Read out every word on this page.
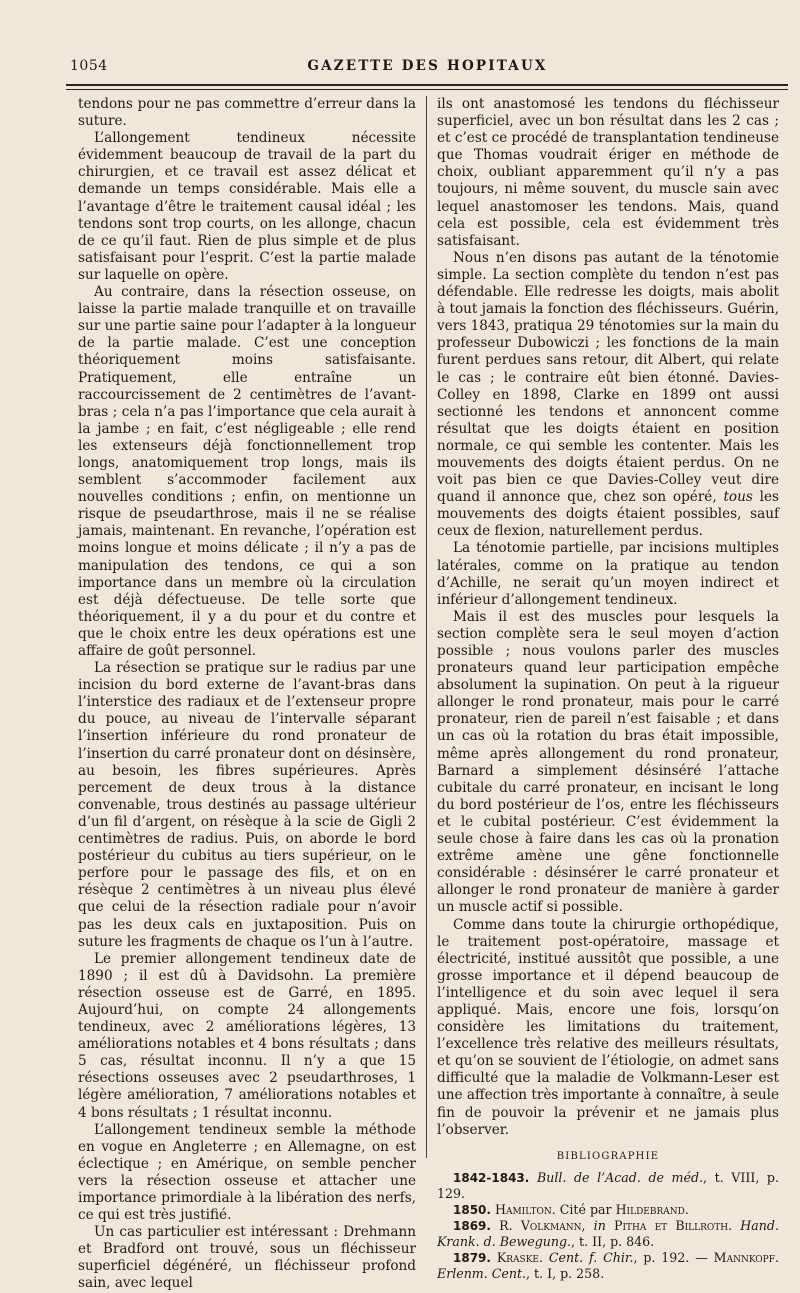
1054	GAZETTE DES HOPITAUX

tendons pour ne pas commettre d’erreur dans la suture.

L’allongement tendineux nécessite évidemment beaucoup de travail de la part du chirurgien, et ce travail est assez délicat et demande un temps considérable. Mais elle a l’avantage d’être le traitement causal idéal ; les tendons sont trop courts, on les allonge, chacun de ce qu’il faut. Rien de plus simple et de plus satisfaisant pour l’esprit. C’est la partie malade sur laquelle on opère.

Au contraire, dans la résection osseuse, on laisse la partie malade tranquille et on travaille sur une partie saine pour l’adapter à la longueur de la partie malade. C’est une conception théoriquement moins satisfaisante. Pratiquement, elle entraîne un raccourcissement de 2 centimètres de l’avant-bras ; cela n’a pas l’importance que cela aurait à la jambe ; en fait, c’est négligeable ; elle rend les extenseurs déjà fonctionnellement trop longs, anatomiquement trop longs, mais ils semblent s’accommoder facilement aux nouvelles conditions ; enfin, on mentionne un risque de pseudarthrose, mais il ne se réalise jamais, maintenant. En revanche, l’opération est moins longue et moins délicate ; il n’y a pas de manipulation des tendons, ce qui a son importance dans un membre où la circulation est déjà défectueuse. De telle sorte que théoriquement, il y a du pour et du contre et que le choix entre les deux opérations est une affaire de goût personnel.

La résection se pratique sur le radius par une incision du bord externe de l’avant-bras dans l’interstice des radiaux et de l’extenseur propre du pouce, au niveau de l’intervalle séparant l’insertion inférieure du rond pronateur de l’insertion du carré pronateur dont on désinsère, au besoin, les fibres supérieures. Après percement de deux trous à la distance convenable, trous destinés au passage ultérieur d’un fil d’argent, on résèque à la scie de Gigli 2 centimètres de radius. Puis, on aborde le bord postérieur du cubitus au tiers supérieur, on le perfore pour le passage des fils, et on en résèque 2 centimètres à un niveau plus élevé que celui de la résection radiale pour n’avoir pas les deux cals en juxtaposition. Puis on suture les fragments de chaque os l’un à l’autre.

Le premier allongement tendineux date de 1890 ; il est dû à Davidsohn. La première résection osseuse est de Garré, en 1895. Aujourd’hui, on compte 24 allongements tendineux, avec 2 améliorations légères, 13 améliorations notables et 4 bons résultats ; dans 5 cas, résultat inconnu. Il n’y a que 15 résections osseuses avec 2 pseudarthroses, 1 légère amélioration, 7 améliorations notables et 4 bons résultats ; 1 résultat inconnu.

L’allongement tendineux semble la méthode en vogue en Angleterre ; en Allemagne, on est éclectique ; en Amérique, on semble pencher vers la résection osseuse et attacher une importance primordiale à la libération des nerfs, ce qui est très justifié.

Un cas particulier est intéressant : Drehmann et Bradford ont trouvé, sous un fléchisseur superficiel dégénéré, un fléchisseur profond sain, avec lequel

ils ont anastomosé les tendons du fléchisseur superficiel, avec un bon résultat dans les 2 cas ; et c’est ce procédé de transplantation tendineuse que Thomas voudrait ériger en méthode de choix, oubliant apparemment qu’il n’y a pas toujours, ni même souvent, du muscle sain avec lequel anastomoser les tendons. Mais, quand cela est possible, cela est évidemment très satisfaisant.

Nous n’en disons pas autant de la ténotomie simple. La section complète du tendon n’est pas défendable. Elle redresse les doigts, mais abolit à tout jamais la fonction des fléchisseurs. Guérin, vers 1843, pratiqua 29 ténotomies sur la main du professeur Dubowiczi ; les fonctions de la main furent perdues sans retour, dit Albert, qui relate le cas ; le contraire eût bien étonné. Davies-Colley en 1898, Clarke en 1899 ont aussi sectionné les tendons et annoncent comme résultat que les doigts étaient en position normale, ce qui semble les contenter. Mais les mouvements des doigts étaient perdus. On ne voit pas bien ce que Davies-Colley veut dire quand il annonce que, chez son opéré, tous les mouvements des doigts étaient possibles, sauf ceux de flexion, naturellement perdus.

La ténotomie partielle, par incisions multiples latérales, comme on la pratique au tendon d’Achille, ne serait qu’un moyen indirect et inférieur d’allongement tendineux.

Mais il est des muscles pour lesquels la section complète sera le seul moyen d’action possible ; nous voulons parler des muscles pronateurs quand leur participation empêche absolument la supination. On peut à la rigueur allonger le rond pronateur, mais pour le carré pronateur, rien de pareil n’est faisable ; et dans un cas où la rotation du bras était impossible, même après allongement du rond pronateur, Barnard a simplement désinséré l’attache cubitale du carré pronateur, en incisant le long du bord postérieur de l’os, entre les fléchisseurs et le cubital postérieur. C’est évidemment la seule chose à faire dans les cas où la pronation extrême amène une gêne fonctionnelle considérable : désinsérer le carré pronateur et allonger le rond pronateur de manière à garder un muscle actif si possible.

Comme dans toute la chirurgie orthopédique, le traitement post-opératoire, massage et électricité, institué aussitôt que possible, a une grosse importance et il dépend beaucoup de l’intelligence et du soin avec lequel il sera appliqué. Mais, encore une fois, lorsqu’on considère les limitations du traitement, l’excellence très relative des meilleurs résultats, et qu’on se souvient de l’étiologie, on admet sans difficulté que la maladie de Volkmann-Leser est une affection très importante à connaître, à seule fin de pouvoir la prévenir et ne jamais plus l’observer.

BIBLIOGRAPHIE

1842-1843. Bull. de l’Acad. de méd., t. VIII, p. 129.

1850. Hamilton. Cité par Hildebrand.

1869. R. Volkmann, in Pitha et Billroth. Hand. Krank. d. Bewegung., t. II, p. 846.

1879. Kraske. Cent. f. Chir., p. 192. — Mannkopf. Erlenm. Cent., t. I, p. 258.
